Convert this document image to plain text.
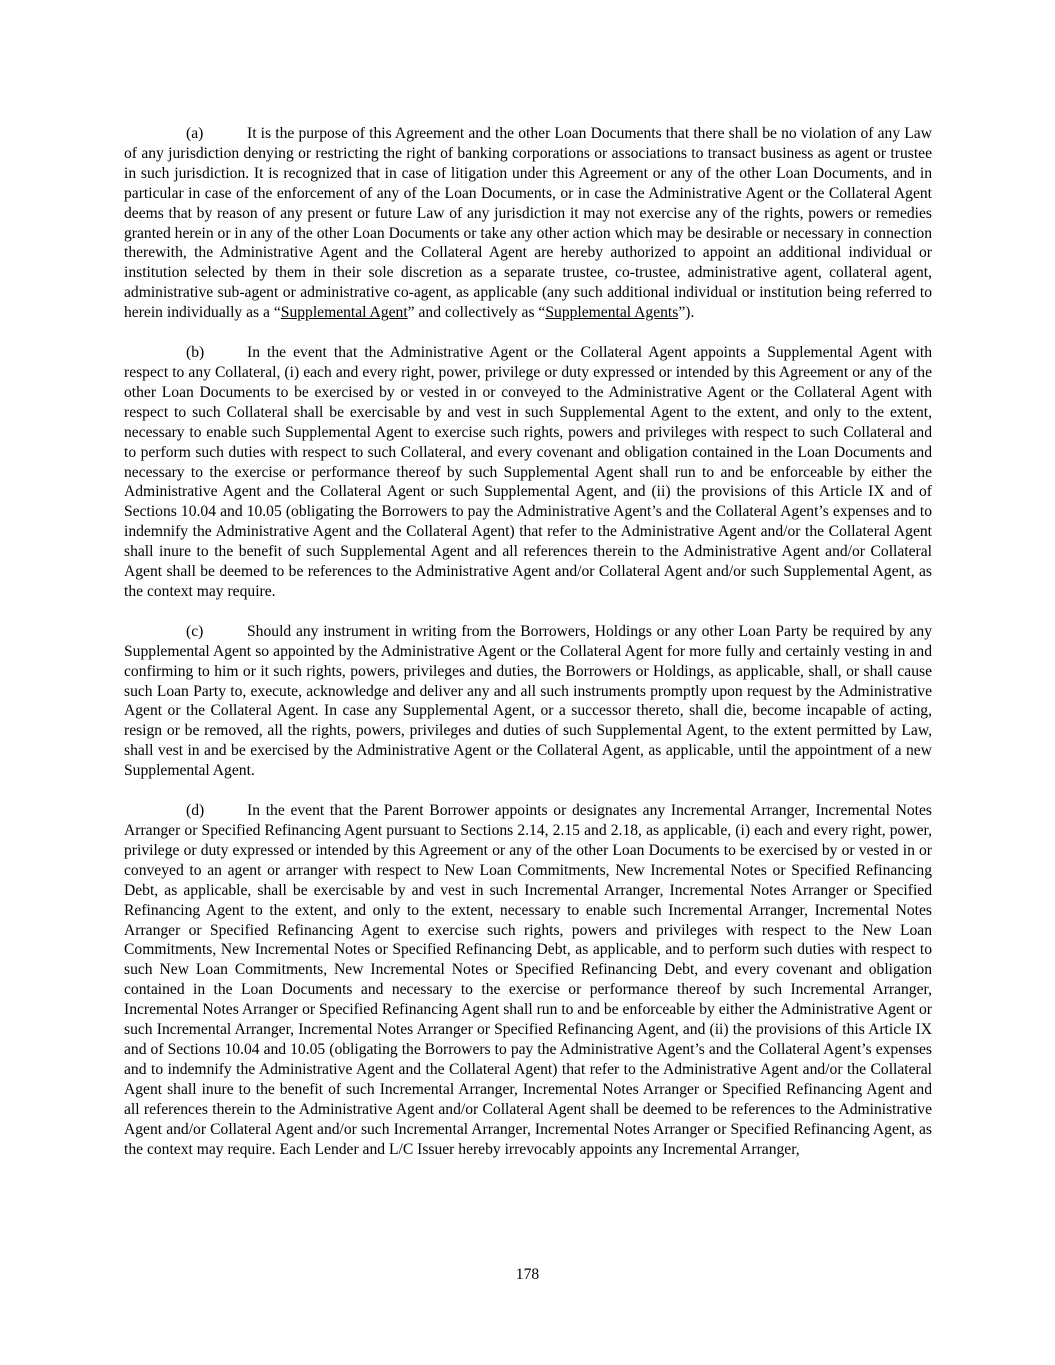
(a)	It is the purpose of this Agreement and the other Loan Documents that there shall be no violation of any Law of any jurisdiction denying or restricting the right of banking corporations or associations to transact business as agent or trustee in such jurisdiction. It is recognized that in case of litigation under this Agreement or any of the other Loan Documents, and in particular in case of the enforcement of any of the Loan Documents, or in case the Administrative Agent or the Collateral Agent deems that by reason of any present or future Law of any jurisdiction it may not exercise any of the rights, powers or remedies granted herein or in any of the other Loan Documents or take any other action which may be desirable or necessary in connection therewith, the Administrative Agent and the Collateral Agent are hereby authorized to appoint an additional individual or institution selected by them in their sole discretion as a separate trustee, co-trustee, administrative agent, collateral agent, administrative sub-agent or administrative co-agent, as applicable (any such additional individual or institution being referred to herein individually as a “Supplemental Agent” and collectively as “Supplemental Agents”).

(b)	In the event that the Administrative Agent or the Collateral Agent appoints a Supplemental Agent with respect to any Collateral, (i) each and every right, power, privilege or duty expressed or intended by this Agreement or any of the other Loan Documents to be exercised by or vested in or conveyed to the Administrative Agent or the Collateral Agent with respect to such Collateral shall be exercisable by and vest in such Supplemental Agent to the extent, and only to the extent, necessary to enable such Supplemental Agent to exercise such rights, powers and privileges with respect to such Collateral and to perform such duties with respect to such Collateral, and every covenant and obligation contained in the Loan Documents and necessary to the exercise or performance thereof by such Supplemental Agent shall run to and be enforceable by either the Administrative Agent and the Collateral Agent or such Supplemental Agent, and (ii) the provisions of this Article IX and of Sections 10.04 and 10.05 (obligating the Borrowers to pay the Administrative Agent’s and the Collateral Agent’s expenses and to indemnify the Administrative Agent and the Collateral Agent) that refer to the Administrative Agent and/or the Collateral Agent shall inure to the benefit of such Supplemental Agent and all references therein to the Administrative Agent and/or Collateral Agent shall be deemed to be references to the Administrative Agent and/or Collateral Agent and/or such Supplemental Agent, as the context may require.

(c)	Should any instrument in writing from the Borrowers, Holdings or any other Loan Party be required by any Supplemental Agent so appointed by the Administrative Agent or the Collateral Agent for more fully and certainly vesting in and confirming to him or it such rights, powers, privileges and duties, the Borrowers or Holdings, as applicable, shall, or shall cause such Loan Party to, execute, acknowledge and deliver any and all such instruments promptly upon request by the Administrative Agent or the Collateral Agent. In case any Supplemental Agent, or a successor thereto, shall die, become incapable of acting, resign or be removed, all the rights, powers, privileges and duties of such Supplemental Agent, to the extent permitted by Law, shall vest in and be exercised by the Administrative Agent or the Collateral Agent, as applicable, until the appointment of a new Supplemental Agent.

(d)	In the event that the Parent Borrower appoints or designates any Incremental Arranger, Incremental Notes Arranger or Specified Refinancing Agent pursuant to Sections 2.14, 2.15 and 2.18, as applicable, (i) each and every right, power, privilege or duty expressed or intended by this Agreement or any of the other Loan Documents to be exercised by or vested in or conveyed to an agent or arranger with respect to New Loan Commitments, New Incremental Notes or Specified Refinancing Debt, as applicable, shall be exercisable by and vest in such Incremental Arranger, Incremental Notes Arranger or Specified Refinancing Agent to the extent, and only to the extent, necessary to enable such Incremental Arranger, Incremental Notes Arranger or Specified Refinancing Agent to exercise such rights, powers and privileges with respect to the New Loan Commitments, New Incremental Notes or Specified Refinancing Debt, as applicable, and to perform such duties with respect to such New Loan Commitments, New Incremental Notes or Specified Refinancing Debt, and every covenant and obligation contained in the Loan Documents and necessary to the exercise or performance thereof by such Incremental Arranger, Incremental Notes Arranger or Specified Refinancing Agent shall run to and be enforceable by either the Administrative Agent or such Incremental Arranger, Incremental Notes Arranger or Specified Refinancing Agent, and (ii) the provisions of this Article IX and of Sections 10.04 and 10.05 (obligating the Borrowers to pay the Administrative Agent’s and the Collateral Agent’s expenses and to indemnify the Administrative Agent and the Collateral Agent) that refer to the Administrative Agent and/or the Collateral Agent shall inure to the benefit of such Incremental Arranger, Incremental Notes Arranger or Specified Refinancing Agent and all references therein to the Administrative Agent and/or Collateral Agent shall be deemed to be references to the Administrative Agent and/or Collateral Agent and/or such Incremental Arranger, Incremental Notes Arranger or Specified Refinancing Agent, as the context may require. Each Lender and L/C Issuer hereby irrevocably appoints any Incremental Arranger,

178
